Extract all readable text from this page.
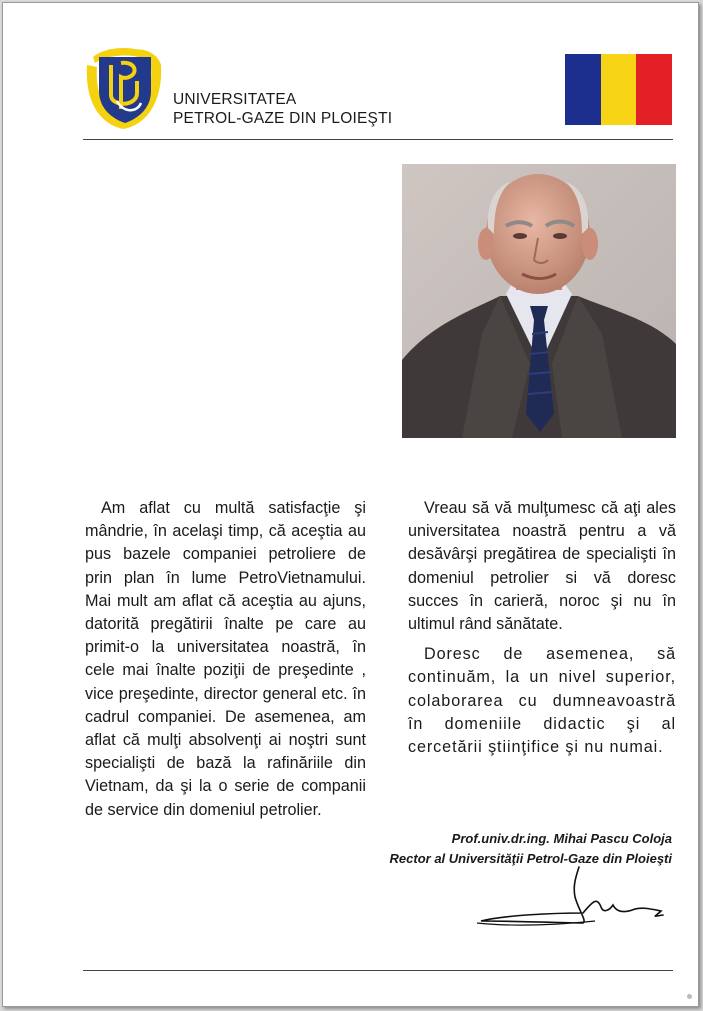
UNIVERSITATEA
PETROL-GAZE DIN PLOIEŞTI

Am aflat cu multă satisfacţie şi mândrie, în acelaşi timp, că aceştia au pus bazele companiei petroliere de prin plan în lume PetroVietnamului. Mai mult am aflat că aceştia au ajuns, datorită pregătirii înalte pe care au primit-o la universitatea noastră, în cele mai înalte poziţii de preşedinte , vice preşedinte, director general etc. în cadrul companiei. De asemenea, am aflat că mulţi absolvenţi ai noştri sunt specialişti de bază la rafinăriile din Vietnam, da şi la o serie de companii de service din domeniul petrolier.

Vreau să vă mulţumesc că aţi ales universitatea noastră pentru a vă desăvârşi pregătirea de specialişti în domeniul petrolier si vă doresc succes în carieră, noroc şi nu în ultimul rând sănătate.

Doresc de asemenea, să continuăm, la un nivel superior, colaborarea cu dumneavoastră în domeniile didactic şi al cercetării ştiinţifice şi nu numai.

Prof.univ.dr.ing. Mihai Pascu Coloja
Rector al Universităţii Petrol-Gaze din Ploieşti
